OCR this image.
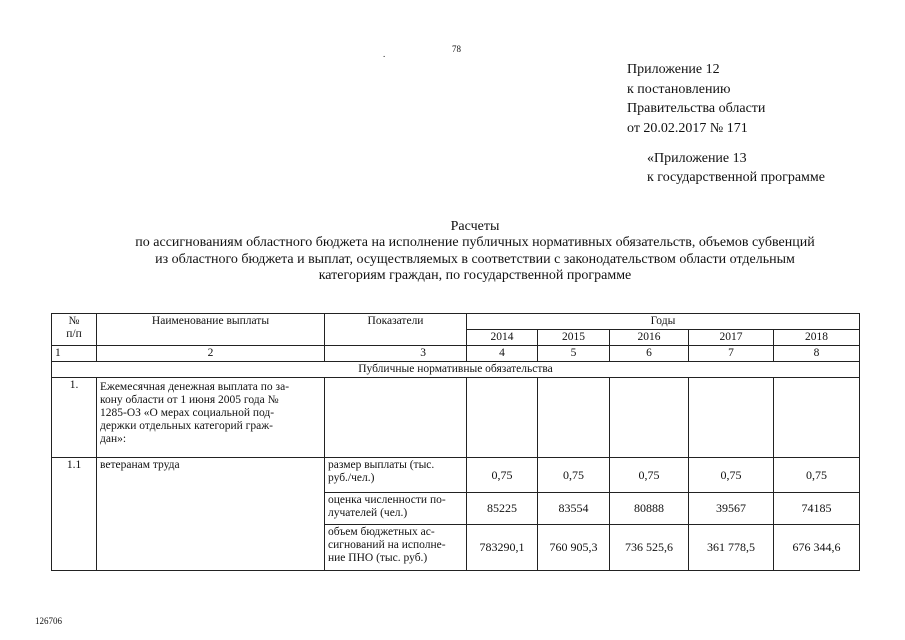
.	78
Приложение 12
к постановлению
Правительства области
от 20.02.2017 № 171
«Приложение 13
к государственной программе
Расчеты
по ассигнованиям областного бюджета на исполнение публичных нормативных обязательств, объемов субвенций
из областного бюджета и выплат, осуществляемых в соответствии с законодательством области отдельным
категориям граждан, по государственной программе
№
п/п	Наименование выплаты	Показатели	Годы				
			2014	2015	2016	2017	2018
1	2	3	4	5	6	7	8
Публичные нормативные обязательства							
1.	Ежемесячная денежная выплата по за-
кону области от 1 июня 2005 года №
1285-ОЗ «О мерах социальной под-
держки отдельных категорий граж-
дан»:						

1.1	ветеранам труда	размер выплаты (тыс.
руб./чел.)	0,75	0,75	0,75	0,75	0,75

		оценка численности по-
лучателей (чел.)	85225	83554	80888	39567	74185

		объем бюджетных ас-
сигнований на исполне-
ние ПНО (тыс. руб.)	783290,1	760 905,3	736 525,6	361 778,5	676 344,6
126706
